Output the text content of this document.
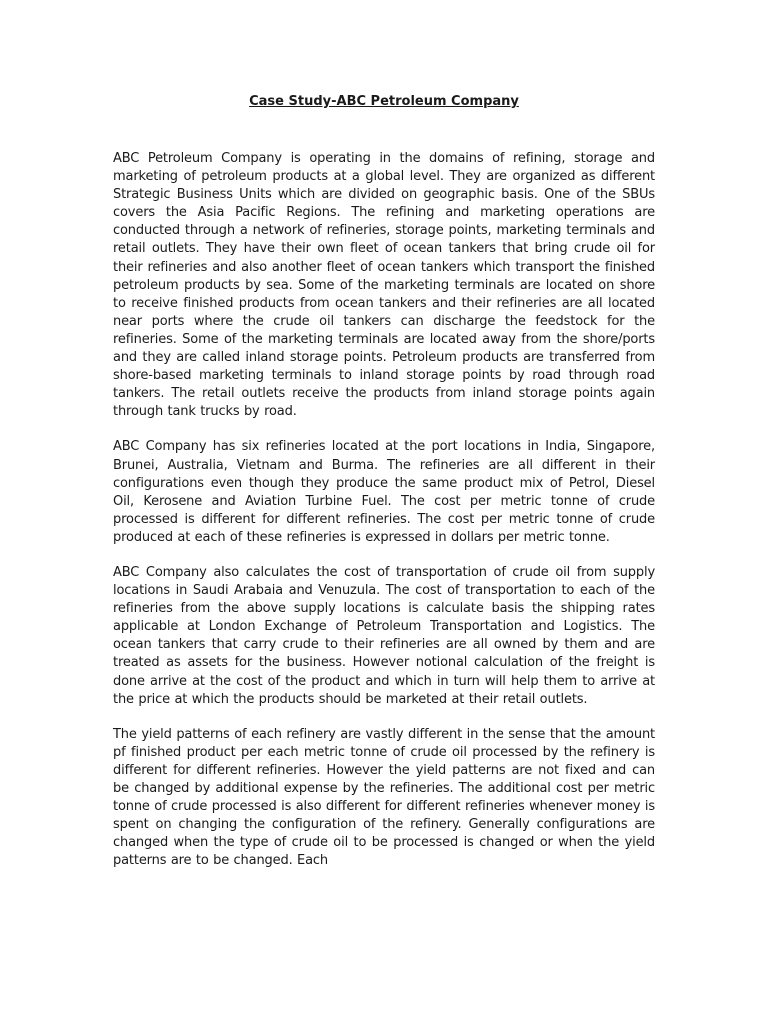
Case Study-ABC Petroleum Company

ABC Petroleum Company is operating in the domains of refining, storage and marketing of petroleum products at a global level. They are organized as different Strategic Business Units which are divided on geographic basis. One of the SBUs covers the Asia Pacific Regions. The refining and marketing operations are conducted through a network of refineries, storage points, marketing terminals and retail outlets. They have their own fleet of ocean tankers that bring crude oil for their refineries and also another fleet of ocean tankers which transport the finished petroleum products by sea. Some of the marketing terminals are located on shore to receive finished products from ocean tankers and their refineries are all located near ports where the crude oil tankers can discharge the feedstock for the refineries. Some of the marketing terminals are located away from the shore/ports and they are called inland storage points. Petroleum products are transferred from shore-based marketing terminals to inland storage points by road through road tankers. The retail outlets receive the products from inland storage points again through tank trucks by road.

ABC Company has six refineries located at the port locations in India, Singapore, Brunei, Australia, Vietnam and Burma. The refineries are all different in their configurations even though they produce the same product mix of Petrol, Diesel Oil, Kerosene and Aviation Turbine Fuel. The cost per metric tonne of crude processed is different for different refineries. The cost per metric tonne of crude produced at each of these refineries is expressed in dollars per metric tonne.

ABC Company also calculates the cost of transportation of crude oil from supply locations in Saudi Arabaia and Venuzula. The cost of transportation to each of the refineries from the above supply locations is calculate basis the shipping rates applicable at London Exchange of Petroleum Transportation and Logistics. The ocean tankers that carry crude to their refineries are all owned by them and are treated as assets for the business. However notional calculation of the freight is done arrive at the cost of the product and which in turn will help them to arrive at the price at which the products should be marketed at their retail outlets.

The yield patterns of each refinery are vastly different in the sense that the amount pf finished product per each metric tonne of crude oil processed by the refinery is different for different refineries. However the yield patterns are not fixed and can be changed by additional expense by the refineries. The additional cost per metric tonne of crude processed is also different for different refineries whenever money is spent on changing the configuration of the refinery. Generally configurations are changed when the type of crude oil to be processed is changed or when the yield patterns are to be changed. Each
